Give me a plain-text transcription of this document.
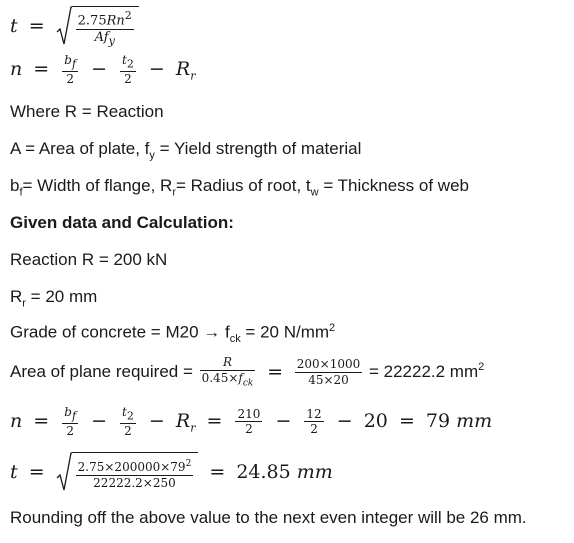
$t = \frac{2.75Rn^2}{Af_y}$
$n = \frac{b_f}{2} - \frac{t_2}{2} - R_r$
Where R = Reaction
A = Area of plate, $f_y$ = Yield strength of material
$b_f=$ Width of flange, $R_r=$ Radius of root, $t_w$ = Thickness of web
Given data and Calculation:
Reaction R = 200 kN
$R_r = 20$ mm
Grade of concrete = $M20 \to f_{ck} = 20$ $N/mm^2$
Area of plane required = $\frac{R}{0.45\times f_{ck}} = \frac{200\times 1000}{45\times 20} = 22222.2$ $mm^2$
$n = \frac{b_f}{2} - \frac{t_2}{2} - R_r = \frac{210}{2} - \frac{12}{2} - 20 = 79$ mm
t =	$\frac{2.75\times 200000\times 79^2}{22222.2\times 250} = 24.85$ mm
Rounding off the above value to the next even integer will be 26 mm.
